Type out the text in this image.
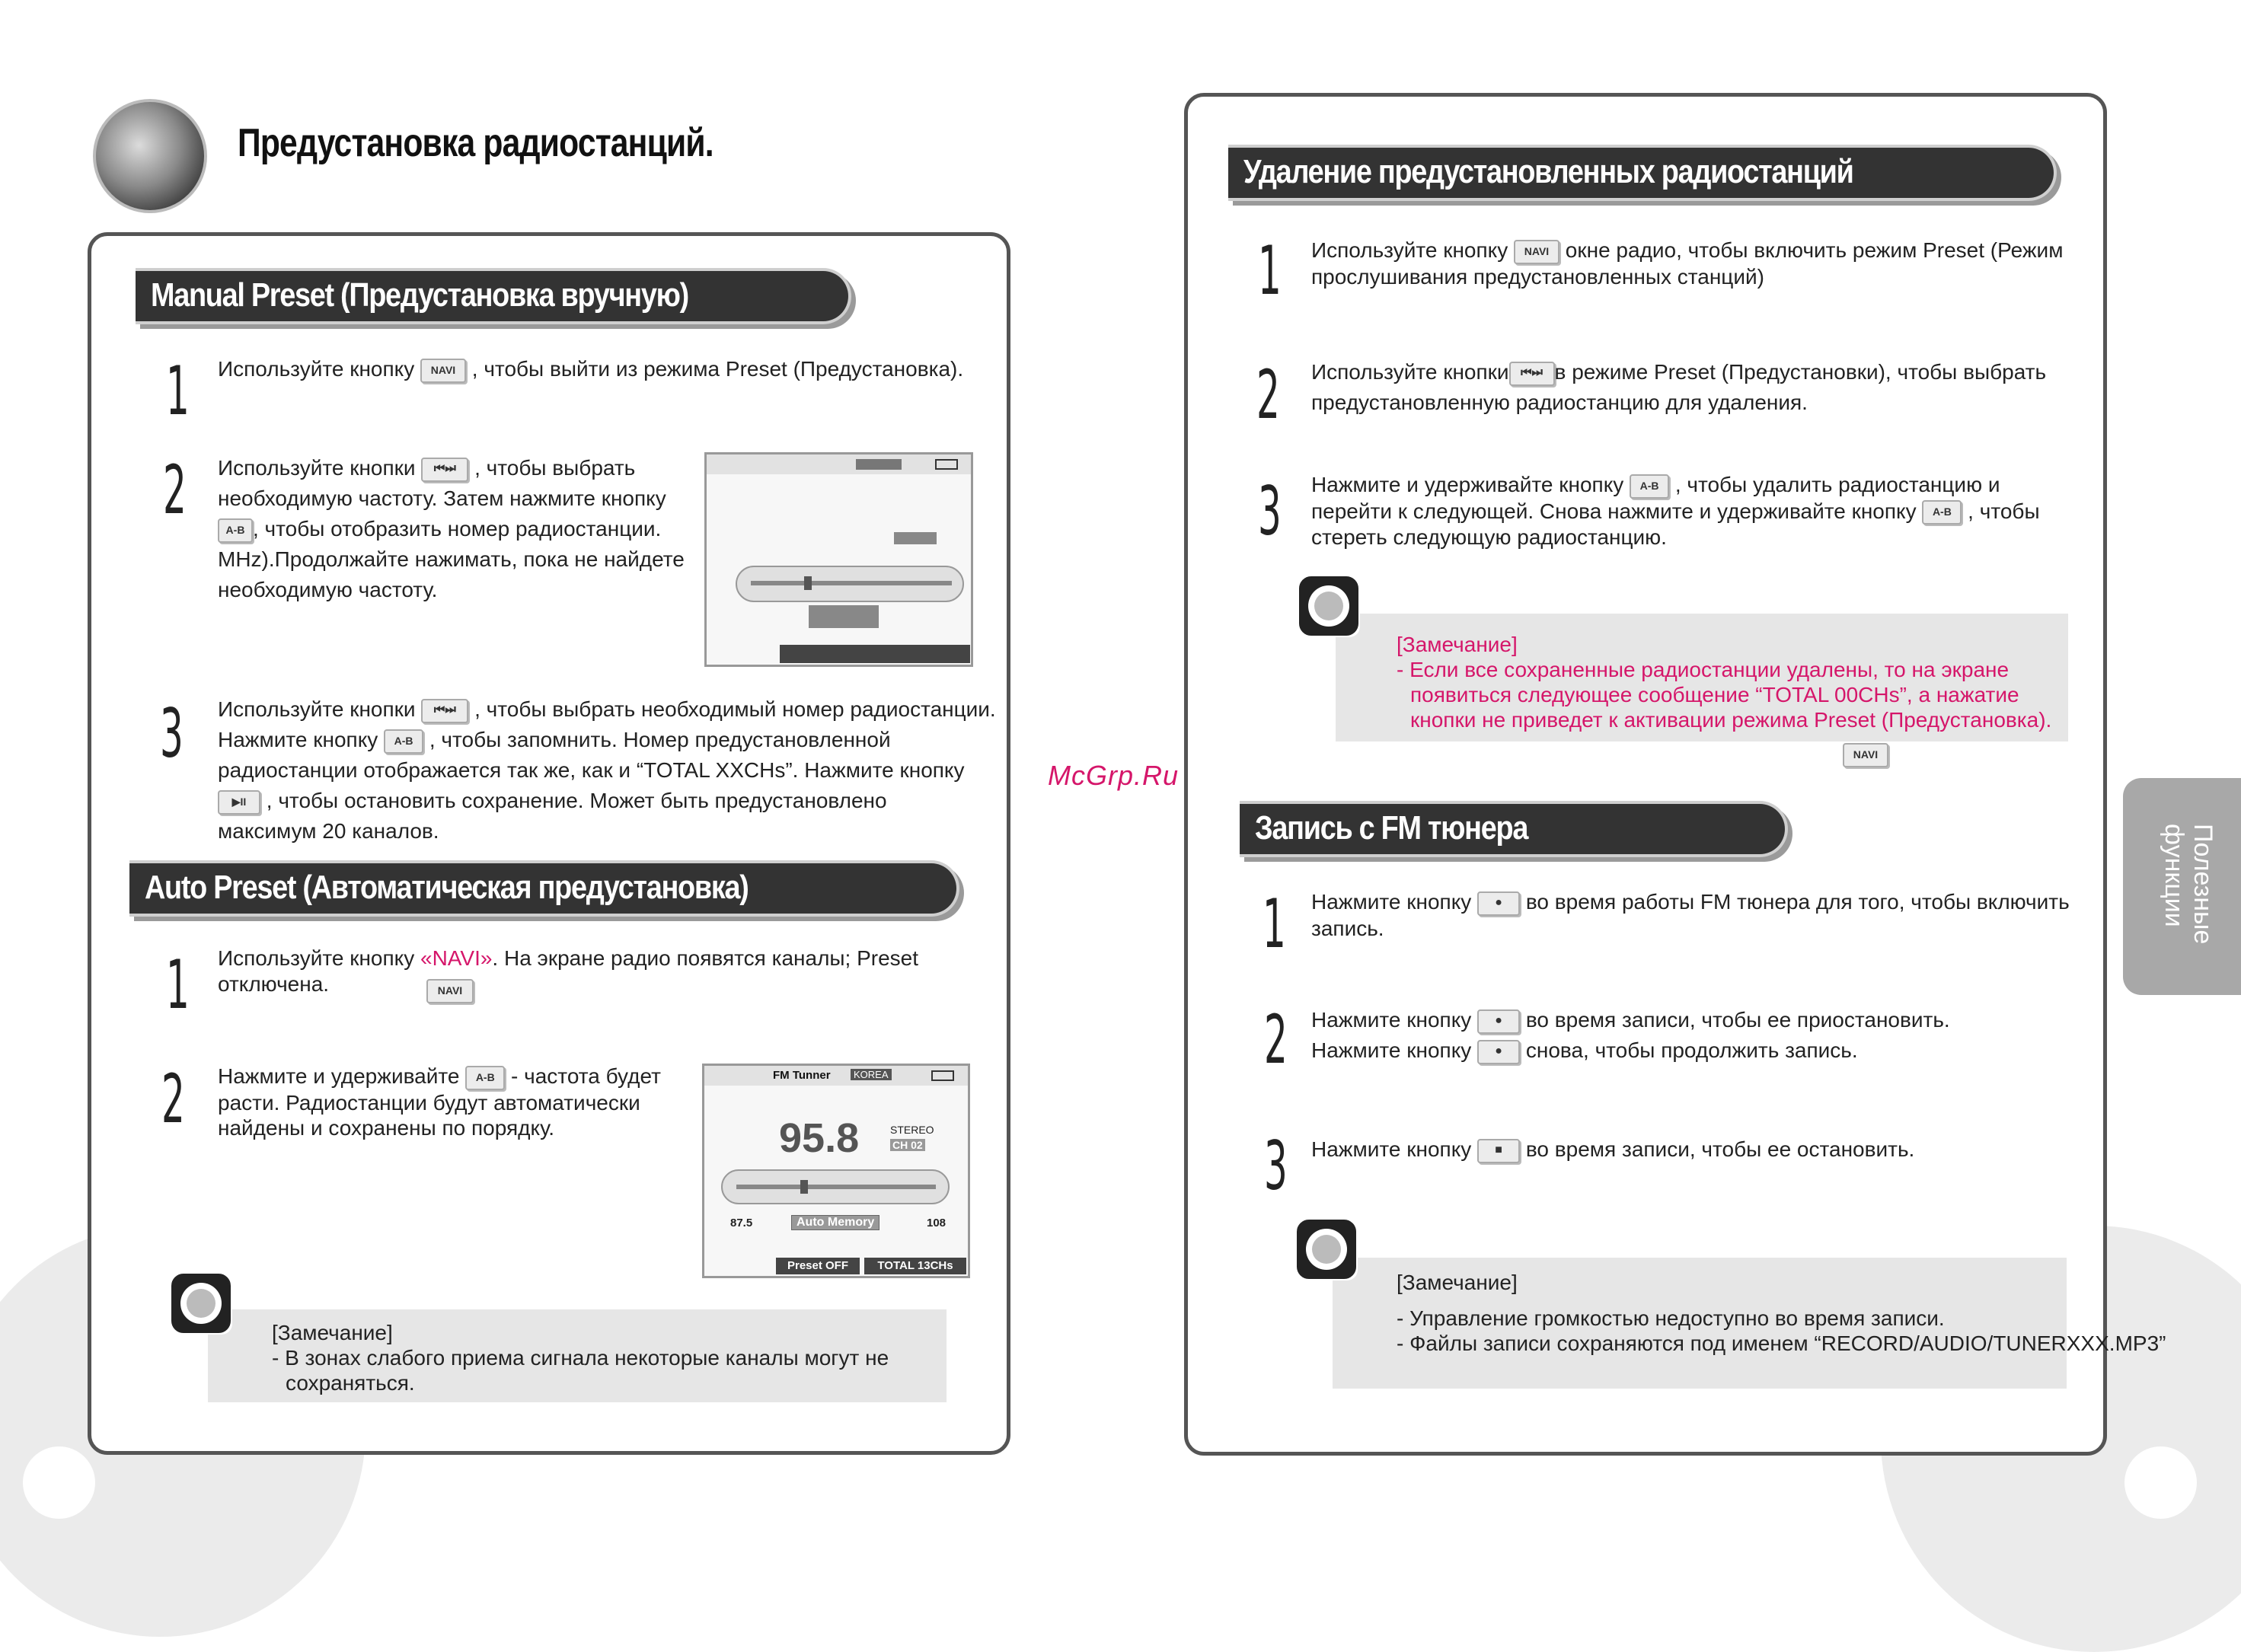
Предустановка радиостанций.
Manual Preset (Предустановка вручную)
1 Используйте кнопку NAVI , чтобы выйти из режима Preset (Предустановка).
2 Используйте кнопки ⏮⏭ , чтобы выбрать
необходимую частоту. Затем нажмите кнопку
A-B , чтобы отобразить номер радиостанции.
MHz).Продолжайте нажимать, пока не найдете
необходимую частоту.
3 Используйте кнопки ⏮⏭ , чтобы выбрать необходимый номер радиостанции.
Нажмите кнопку A-B , чтобы запомнить. Номер предустановленной
радиостанции отображается так же, как и “TOTAL XXCHs”. Нажмите кнопку
▶II , чтобы остановить сохранение. Может быть предустановлено
максимум 20 каналов.
Auto Preset (Автоматическая предустановка)
1 Используйте кнопку «NAVI». На экране радио появятся каналы; Preset
отключена.	NAVI
2 Нажмите и удерживайте A-B - частота будет
расти. Радиостанции будут автоматически
найдены и сохранены по порядку.
FM Tunner	KOREA
95.8	STEREO
CH 02
87.5	Auto Memory	108
Preset OFF	TOTAL 13CHs
[Замечание]
- В зонах слабого приема сигнала некоторые каналы могут не
сохраняться.
McGrp.Ru
Удаление предустановленных радиостанций
1 Используйте кнопку NAVI окне радио, чтобы включить режим Preset (Режим
прослушивания предустановленных станций)
2 Используйте кнопки ⏮⏭ в режиме Preset (Предустановки), чтобы выбрать
предустановленную радиостанцию для удаления.
3 Нажмите и удерживайте кнопку A-B , чтобы удалить радиостанцию и
перейти к следующей. Снова нажмите и удерживайте кнопку A-B , чтобы
стереть следующую радиостанцию.
[Замечание]
- Если все сохраненные радиостанции удалены, то на экране
появиться следующее сообщение “TOTAL 00CHs”, а нажатие
кнопки не приведет к активации режима Preset (Предустановка).
NAVI
Запись с FM тюнера
1 Нажмите кнопку ● во время работы FM тюнера для того, чтобы включить
запись.
2 Нажмите кнопку ● во время записи, чтобы ее приостановить.
Нажмите кнопку ● снова, чтобы продолжить запись.
3 Нажмите кнопку ■ во время записи, чтобы ее остановить.
[Замечание]
- Управление громкостью недоступно во время записи.
- Файлы записи сохраняются под именем “RECORD/AUDIO/TUNERXXX.MP3”
Полезные функции
